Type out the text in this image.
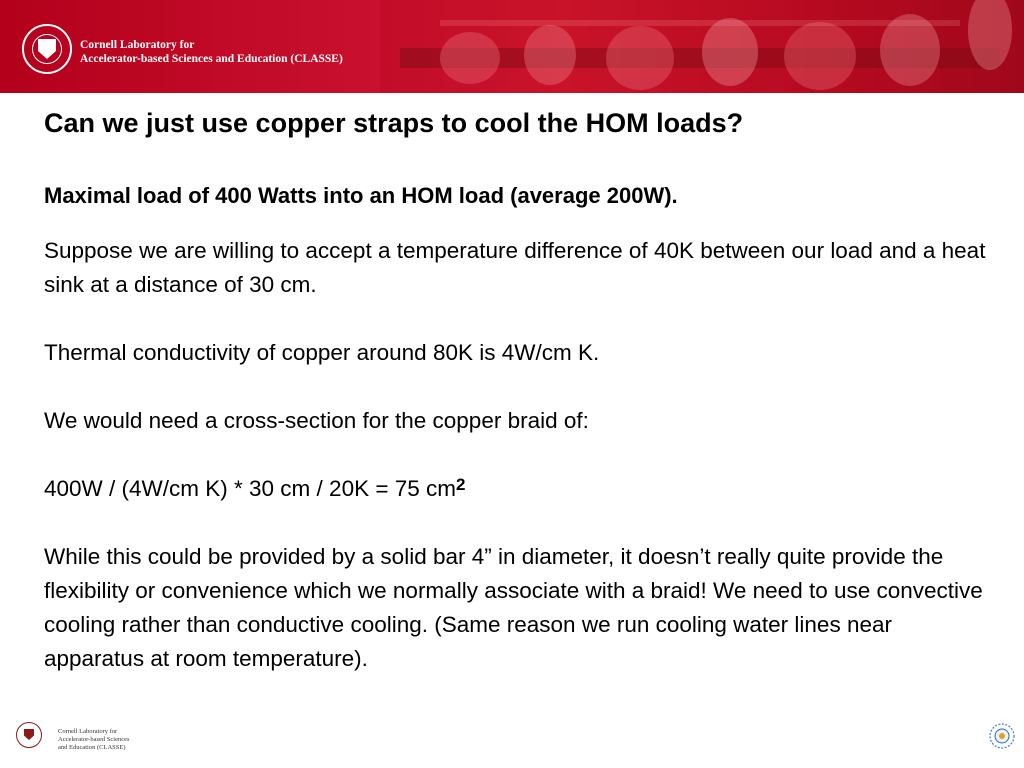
Cornell Laboratory for
Accelerator-based Sciences and Education (CLASSE)
Can we just use copper straps to cool the HOM loads?

Maximal load of 400 Watts into an HOM load (average 200W).

Suppose we are willing to accept a temperature difference of 40K between our load and a heat sink at a distance of 30 cm.

Thermal conductivity of copper around 80K is 4W/cm K.

We would need a cross-section for the copper braid of:

400W / (4W/cm K) * 30 cm / 20K = 75 $cm^2$

While this could be provided by a solid bar 4” in diameter, it doesn’t really quite provide the flexibility or convenience which we normally associate with a braid! We need to use convective cooling rather than conductive cooling. (Same reason we run cooling water lines near apparatus at room temperature).

Cornell Laboratory for
Accelerator-based Sciences
and Education (CLASSE)
